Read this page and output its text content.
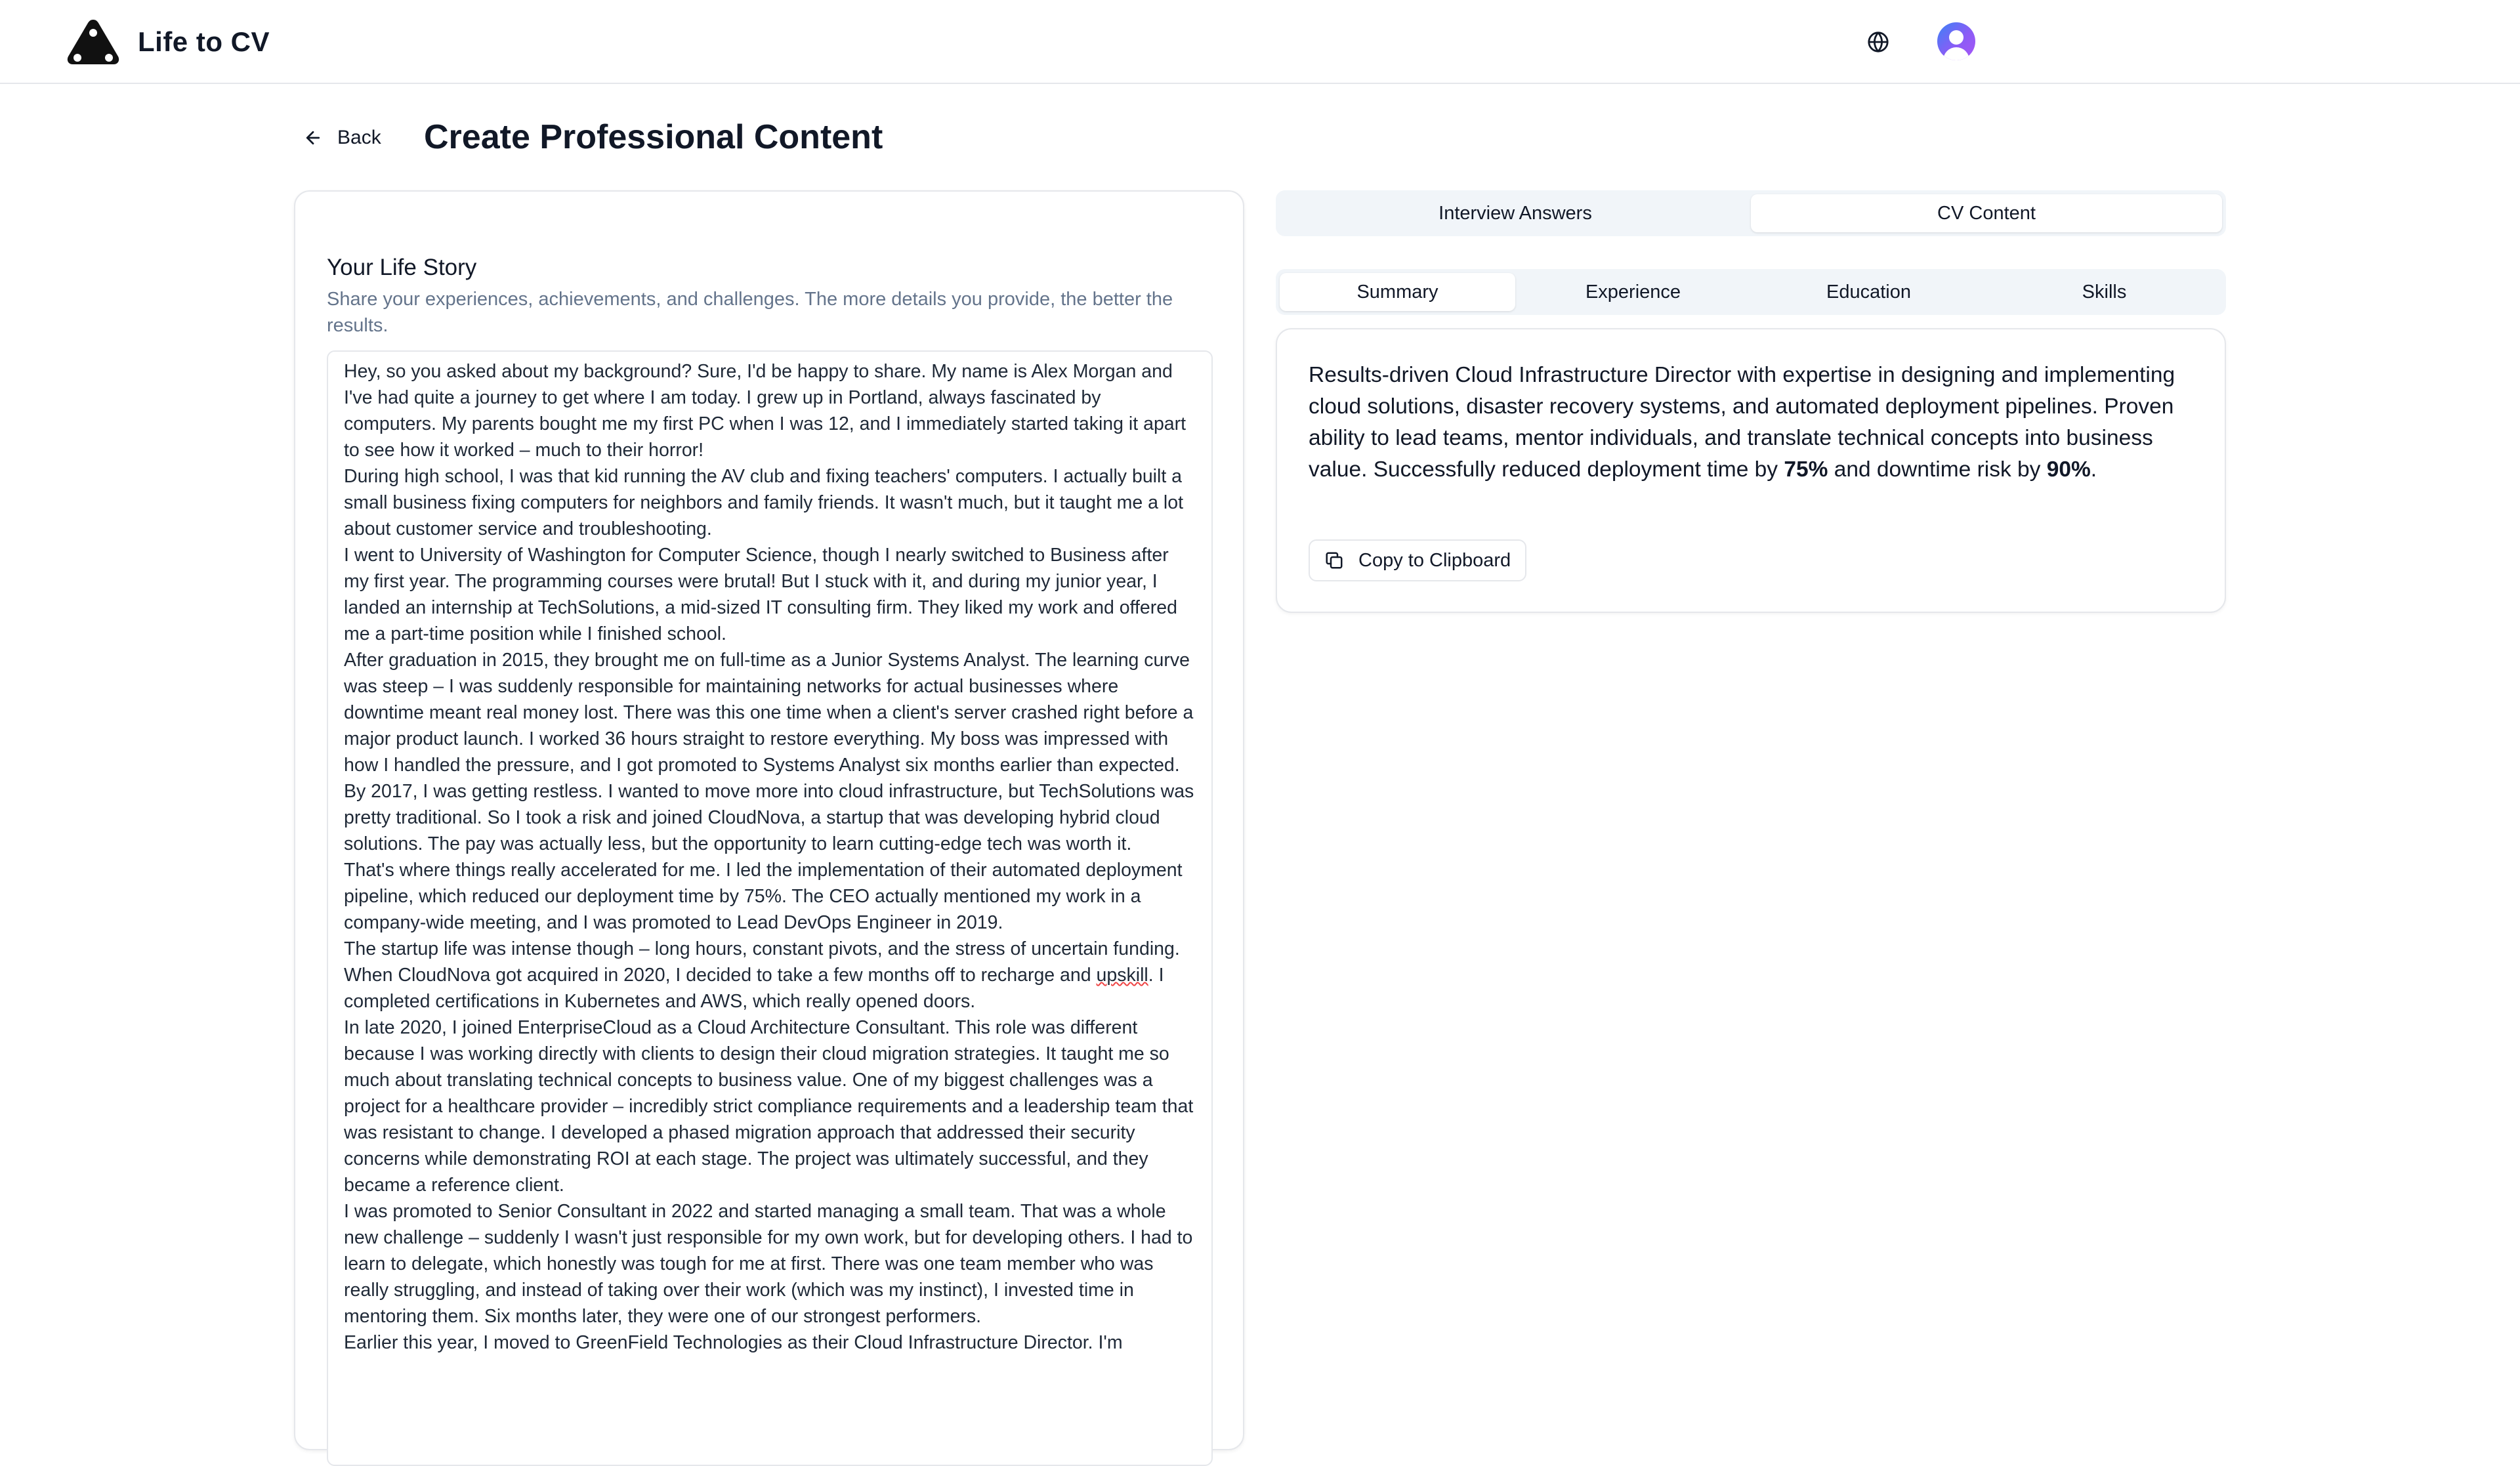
Life to CV
Back Create Professional Content
Your Life Story
Share your experiences, achievements, and challenges. The more details you provide, the better the results.

Hey, so you asked about my background? Sure, I'd be happy to share. My name is Alex Morgan and I've had quite a journey to get where I am today. I grew up in Portland, always fascinated by computers. My parents bought me my first PC when I was 12, and I immediately started taking it apart to see how it worked – much to their horror!

During high school, I was that kid running the AV club and fixing teachers' computers. I actually built a small business fixing computers for neighbors and family friends. It wasn't much, but it taught me a lot about customer service and troubleshooting.

I went to University of Washington for Computer Science, though I nearly switched to Business after my first year. The programming courses were brutal! But I stuck with it, and during my junior year, I landed an internship at TechSolutions, a mid-sized IT consulting firm. They liked my work and offered me a part-time position while I finished school.

After graduation in 2015, they brought me on full-time as a Junior Systems Analyst. The learning curve was steep – I was suddenly responsible for maintaining networks for actual businesses where downtime meant real money lost. There was this one time when a client's server crashed right before a major product launch. I worked 36 hours straight to restore everything. My boss was impressed with how I handled the pressure, and I got promoted to Systems Analyst six months earlier than expected.

By 2017, I was getting restless. I wanted to move more into cloud infrastructure, but TechSolutions was pretty traditional. So I took a risk and joined CloudNova, a startup that was developing hybrid cloud solutions. The pay was actually less, but the opportunity to learn cutting-edge tech was worth it.

That's where things really accelerated for me. I led the implementation of their automated deployment pipeline, which reduced our deployment time by 75%. The CEO actually mentioned my work in a company-wide meeting, and I was promoted to Lead DevOps Engineer in 2019.

The startup life was intense though – long hours, constant pivots, and the stress of uncertain funding. When CloudNova got acquired in 2020, I decided to take a few months off to recharge and upskill. I completed certifications in Kubernetes and AWS, which really opened doors.

In late 2020, I joined EnterpriseCloud as a Cloud Architecture Consultant. This role was different because I was working directly with clients to design their cloud migration strategies. It taught me so much about translating technical concepts to business value. One of my biggest challenges was a project for a healthcare provider – incredibly strict compliance requirements and a leadership team that was resistant to change. I developed a phased migration approach that addressed their security concerns while demonstrating ROI at each stage. The project was ultimately successful, and they became a reference client.

I was promoted to Senior Consultant in 2022 and started managing a small team. That was a whole new challenge – suddenly I wasn't just responsible for my own work, but for developing others. I had to learn to delegate, which honestly was tough for me at first. There was one team member who was really struggling, and instead of taking over their work (which was my instinct), I invested time in mentoring them. Six months later, they were one of our strongest performers.

Earlier this year, I moved to GreenField Technologies as their Cloud Infrastructure Director. I'm

Interview Answers	CV Content
Summary	Experience	Education	Skills

Results-driven Cloud Infrastructure Director with expertise in designing and implementing cloud solutions, disaster recovery systems, and automated deployment pipelines. Proven ability to lead teams, mentor individuals, and translate technical concepts into business value. Successfully reduced deployment time by 75% and downtime risk by 90%.

Copy to Clipboard
